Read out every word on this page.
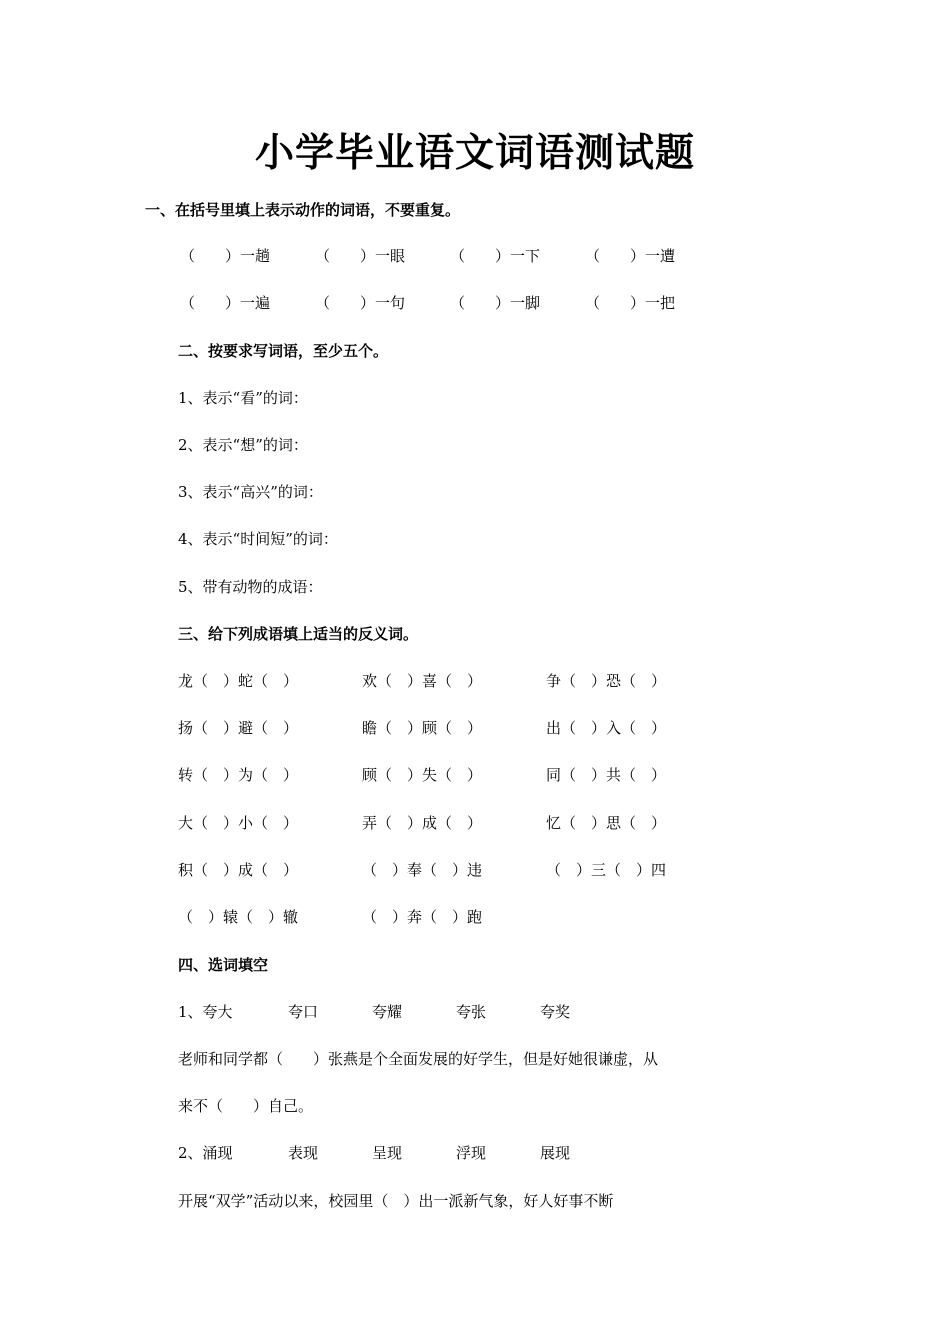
小学毕业语文词语测试题
一、在括号里填上表示动作的词语，不要重复。
（　　）一趟	（　　）一眼	（　　）一下	（　　）一遭
（　　）一遍	（　　）一句	（　　）一脚	（　　）一把
二、按要求写词语，至少五个。
1、表示“看”的词：
2、表示“想”的词：
3、表示“高兴”的词：
4、表示“时间短”的词：
5、带有动物的成语：
三、给下列成语填上适当的反义词。
龙（　）蛇（　）	欢（　）喜（　）	争（　）恐（　）
扬（　）避（　）	瞻（　）顾（　）	出（　）入（　）
转（　）为（　）	顾（　）失（　）	同（　）共（　）
大（　）小（　）	弄（　）成（　）	忆（　）思（　）
积（　）成（　）	（　）奉（　）违	（　）三（　）四
（　）辕（　）辙	（　）奔（　）跑
四、选词填空
1、夸大	夸口	夸耀	夸张	夸奖
老师和同学都（　　）张燕是个全面发展的好学生，但是好她很谦虚，从
来不（　　）自己。
2、涌现	表现	呈现	浮现	展现
开展“双学”活动以来，校园里（　）出一派新气象，好人好事不断
